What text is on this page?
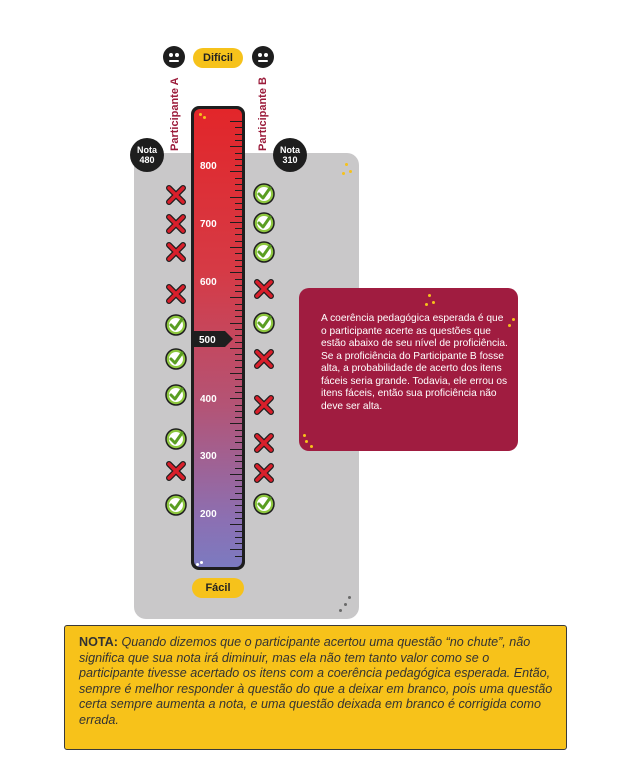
Difícil
Participante A	Participante B
Nota
480
Nota
310
800
700
600
400
300
200
500
Fácil
A coerência pedagógica esperada é que o participante acerte as questões que estão abaixo de seu nível de proficiência. Se a proficiência do Participante B fosse alta, a probabilidade de acerto dos itens fáceis seria grande. Todavia, ele errou os itens fáceis, então sua proficiência não deve ser alta.
NOTA: Quando dizemos que o participante acertou uma questão “no chute”, não significa que sua nota irá diminuir, mas ela não tem tanto valor como se o participante tivesse acertado os itens com a coerência pedagógica esperada. Então, sempre é melhor responder à questão do que a deixar em branco, pois uma questão certa sempre aumenta a nota, e uma questão deixada em branco é corrigida como errada.
